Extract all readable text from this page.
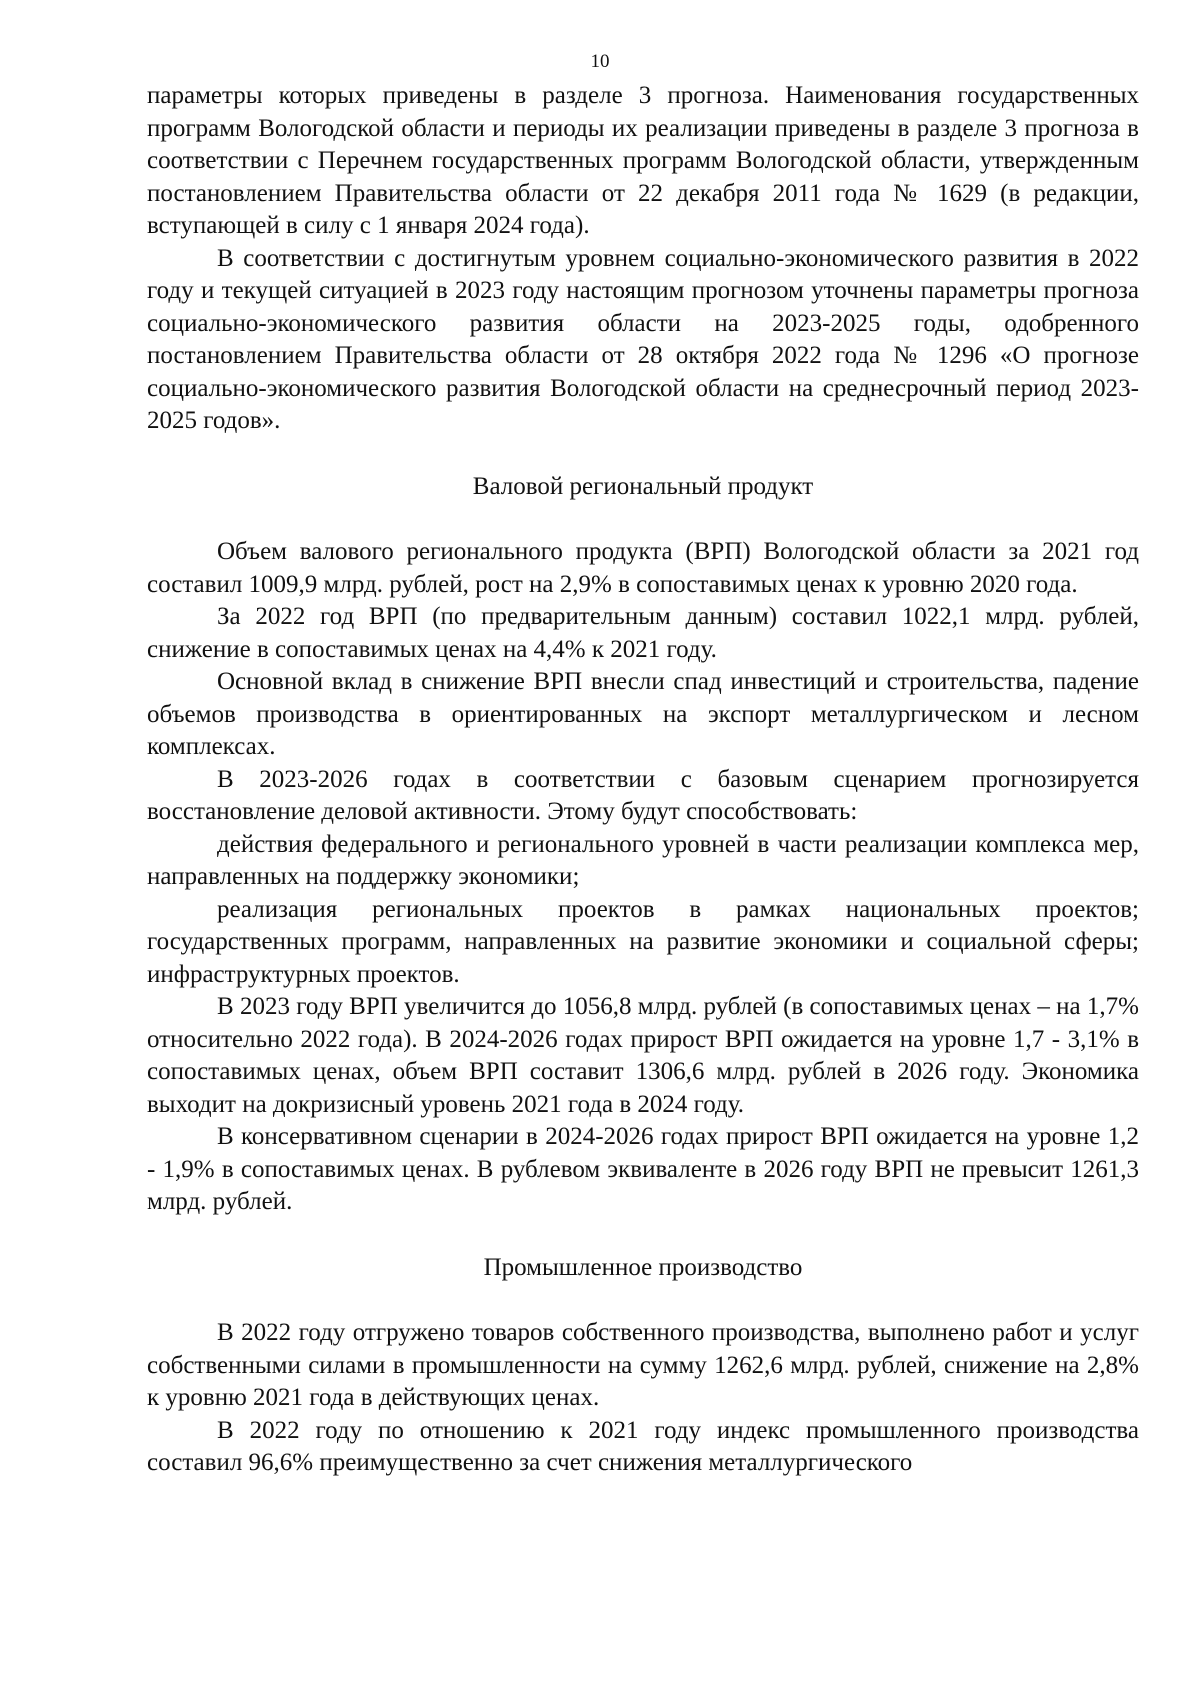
10

параметры которых приведены в разделе 3 прогноза. Наименования государственных программ Вологодской области и периоды их реализации приведены в разделе 3 прогноза в соответствии с Перечнем государственных программ Вологодской области, утвержденным постановлением Правительства области от 22 декабря 2011 года № 1629 (в редакции, вступающей в силу с 1 января 2024 года).

В соответствии с достигнутым уровнем социально-экономического развития в 2022 году и текущей ситуацией в 2023 году настоящим прогнозом уточнены параметры прогноза социально-экономического развития области на 2023-2025 годы, одобренного постановлением Правительства области от 28 октября 2022 года № 1296 «О прогнозе социально-экономического развития Вологодской области на среднесрочный период 2023-2025 годов».

Валовой региональный продукт

Объем валового регионального продукта (ВРП) Вологодской области за 2021 год составил 1009,9 млрд. рублей, рост на 2,9% в сопоставимых ценах к уровню 2020 года.

За 2022 год ВРП (по предварительным данным) составил 1022,1 млрд. рублей, снижение в сопоставимых ценах на 4,4% к 2021 году.

Основной вклад в снижение ВРП внесли спад инвестиций и строительства, падение объемов производства в ориентированных на экспорт металлургическом и лесном комплексах.

В 2023-2026 годах в соответствии с базовым сценарием прогнозируется восстановление деловой активности. Этому будут способствовать:

действия федерального и регионального уровней в части реализации комплекса мер, направленных на поддержку экономики;

реализация региональных проектов в рамках национальных проектов; государственных программ, направленных на развитие экономики и социальной сферы; инфраструктурных проектов.

В 2023 году ВРП увеличится до 1056,8 млрд. рублей (в сопоставимых ценах – на 1,7% относительно 2022 года). В 2024-2026 годах прирост ВРП ожидается на уровне 1,7 - 3,1% в сопоставимых ценах, объем ВРП составит 1306,6 млрд. рублей в 2026 году. Экономика выходит на докризисный уровень 2021 года в 2024 году.

В консервативном сценарии в 2024-2026 годах прирост ВРП ожидается на уровне 1,2 - 1,9% в сопоставимых ценах. В рублевом эквиваленте в 2026 году ВРП не превысит 1261,3 млрд. рублей.

Промышленное производство

В 2022 году отгружено товаров собственного производства, выполнено работ и услуг собственными силами в промышленности на сумму 1262,6 млрд. рублей, снижение на 2,8% к уровню 2021 года в действующих ценах.

В 2022 году по отношению к 2021 году индекс промышленного производства составил 96,6% преимущественно за счет снижения металлургического
